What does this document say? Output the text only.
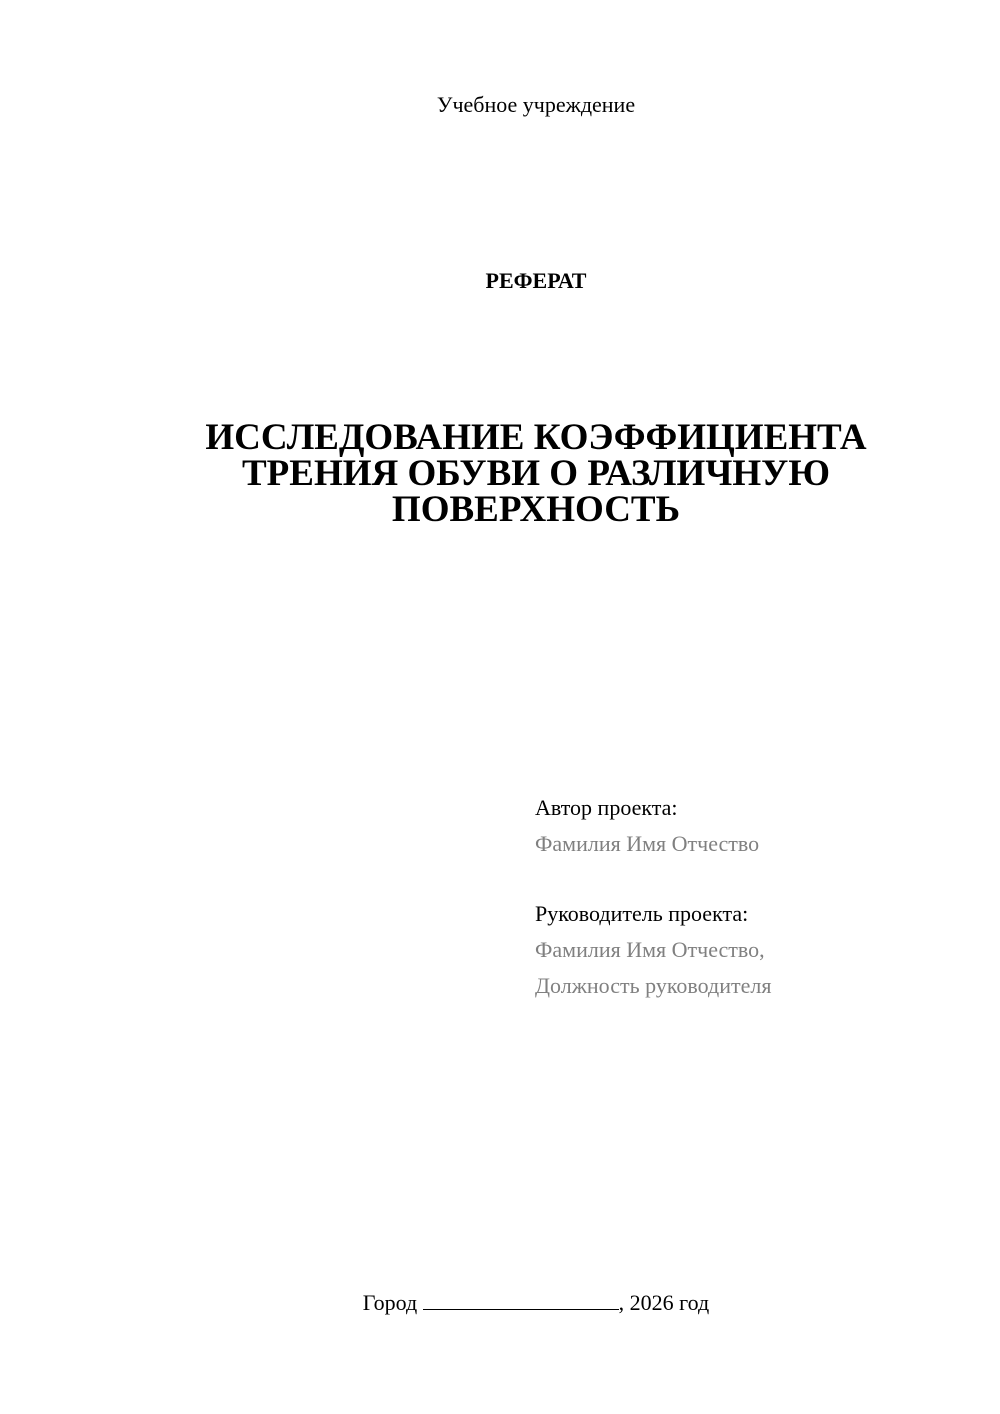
Учебное учреждение
РЕФЕРАТ
ИССЛЕДОВАНИЕ КОЭФФИЦИЕНТА
ТРЕНИЯ ОБУВИ О РАЗЛИЧНУЮ
ПОВЕРХНОСТЬ
Автор проекта:
Фамилия Имя Отчество
Руководитель проекта:
Фамилия Имя Отчество,
Должность руководителя
Город	, 2026 год
